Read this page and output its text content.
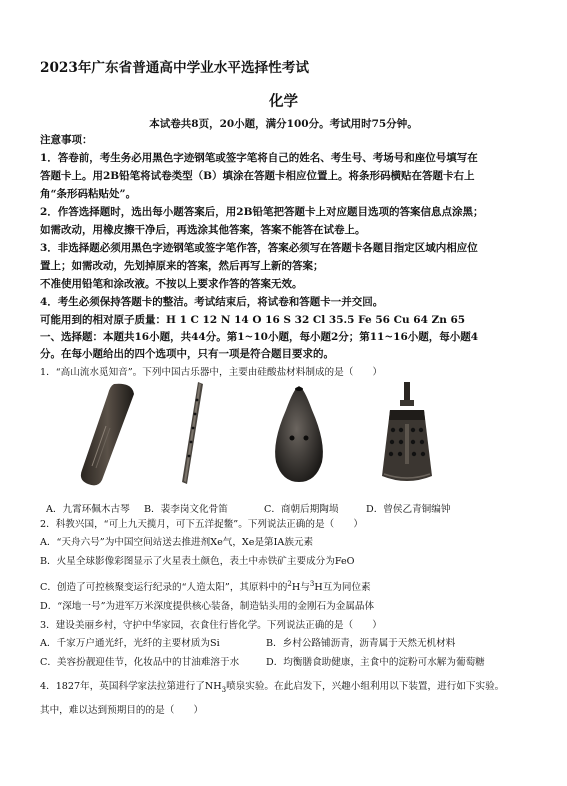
2023年广东省普通高中学业水平选择性考试
化学
本试卷共8页，20小题，满分100分。考试用时75分钟。
注意事项：
1．答卷前，考生务必用黑色字迹钢笔或签字笔将自己的姓名、考生号、考场号和座位号填写在
答题卡上。用2B铅笔将试卷类型（B）填涂在答题卡相应位置上。将条形码横贴在答题卡右上
角“条形码粘贴处”。
2．作答选择题时，选出每小题答案后，用2B铅笔把答题卡上对应题目选项的答案信息点涂黑；
如需改动，用橡皮擦干净后，再选涂其他答案，答案不能答在试卷上。
3．非选择题必须用黑色字迹钢笔或签字笔作答，答案必须写在答题卡各题目指定区域内相应位
置上；如需改动，先划掉原来的答案，然后再写上新的答案；
不准使用铅笔和涂改液。不按以上要求作答的答案无效。
4．考生必须保持答题卡的整洁。考试结束后，将试卷和答题卡一并交回。
可能用到的相对原子质量：H 1 C 12 N 14 O 16 S 32 Cl 35.5 Fe 56 Cu 64 Zn 65
一、选择题：本题共16小题，共44分。第1~10小题，每小题2分；第11~16小题，每小题4
分。在每小题给出的四个选项中，只有一项是符合题目要求的。
1．“高山流水觅知音”。下列中国古乐器中，主要由硅酸盐材料制成的是（　　）
A．九霄环佩木古琴 B．裴李岗文化骨笛	C．商朝后期陶埙	D．曾侯乙青铜编钟
2．科教兴国，“可上九天揽月，可下五洋捉鳖”。下列说法正确的是（　　）
A．“天舟六号”为中国空间站送去推进剂Xe气，Xe是第IA族元素
B．火星全球影像彩图显示了火星表土颜色，表土中赤铁矿主要成分为FeO
C．创造了可控核聚变运行纪录的“人造太阳”，其原料中的$^2$H与$^3$H互为同位素
D．“深地一号”为进军万米深度提供核心装备，制造钻头用的金刚石为金属晶体
3．建设美丽乡村，守护中华家园，衣食住行皆化学。下列说法正确的是（　　）
A．千家万户通光纤，光纤的主要材质为Si	B．乡村公路铺沥青，沥青属于天然无机材料
C．美容扮靓迎佳节，化妆品中的甘油难溶于水	D．均衡膳食助健康，主食中的淀粉可水解为葡萄糖
4．1827年，英国科学家法拉第进行了$NH_3$喷泉实验。在此启发下，兴趣小组利用以下装置，进行如下实验。
其中，难以达到预期目的的是（　　）
